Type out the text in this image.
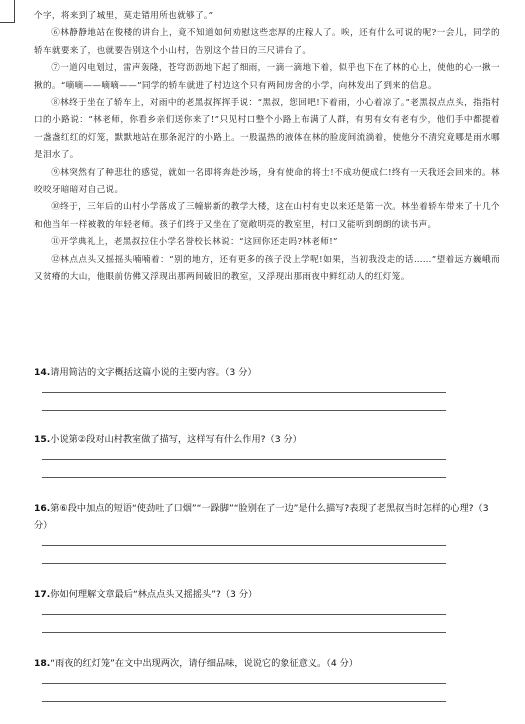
个字，将来到了城里，莫走错用所也就够了。”

⑥林静静地站在俊楼的讲台上，竟不知道如何劝慰这些恋厚的庄稼人了。唉，还有什么可说的呢?一会儿，同学的轿车就要来了，也就要告别这个小山村，告别这个昔日的三尺讲台了。

⑦一道闪电划过，雷声轰隆，苍穹沥沥地下起了细雨，一滴一滴地下着，似乎也下在了林的心上，使他的心一揪一揪的。“嘀嘀——嘀嘀——”同学的轿车就进了村边这个只有两间房舍的小学，向林发出了到来的信息。

⑧林终于坐在了轿车上，对雨中的老黑叔挥挥手说：“黑叔，您回吧!下着雨，小心着凉了。”老黑叔点点头，指指村口的小路说：“林老师，你看乡亲们送你来了!”只见村口整个小路上布满了人群，有男有女有老有少，他们手中都提着一盏盏红红的灯笼，默默地站在那条泥泞的小路上。一股温热的液体在林的脸庞间流淌着，使他分不清究竟哪是雨水哪是泪水了。

⑨林突然有了种悲壮的感觉，就如一名即将奔赴沙场，身有使命的将士!不成功便成仁!终有一天我还会回来的。林咬咬牙暗暗对自己说。

⑩终于，三年后的山村小学落成了三幢崭新的教学大楼，这在山村有史以来还是第一次。林坐着轿车带来了十几个和他当年一样被教的年轻老师。孩子们终于又坐在了宽敞明亮的教室里，村口又能听到朗朗的读书声。

⑪开学典礼上，老黑叔拉住小学名誉校长林说：“这回你还走吗?林老师!”

⑫林点点头又摇摇头喃喃着：“别的地方，还有更多的孩子没上学呢!如果，当初我没走的话……”望着远方巍峨而又贫瘠的大山，他眼前仿佛又浮现出那两间破旧的教室，又浮现出那雨夜中鲜红动人的红灯笼。

14.请用简洁的文字概括这篇小说的主要内容。（3 分）

15.小说第②段对山村教室做了描写，这样写有什么作用?（3 分）

16.第⑥段中加点的短语“使劲吐了口烟”“一跺脚”“脸别在了一边”是什么描写?表现了老黑叔当时怎样的心理?（3 分）

17.你如何理解文章最后“林点点头又摇摇头”?（3 分）

18.“雨夜的红灯笼”在文中出现两次，请仔细品味，说说它的象征意义。（4 分）
